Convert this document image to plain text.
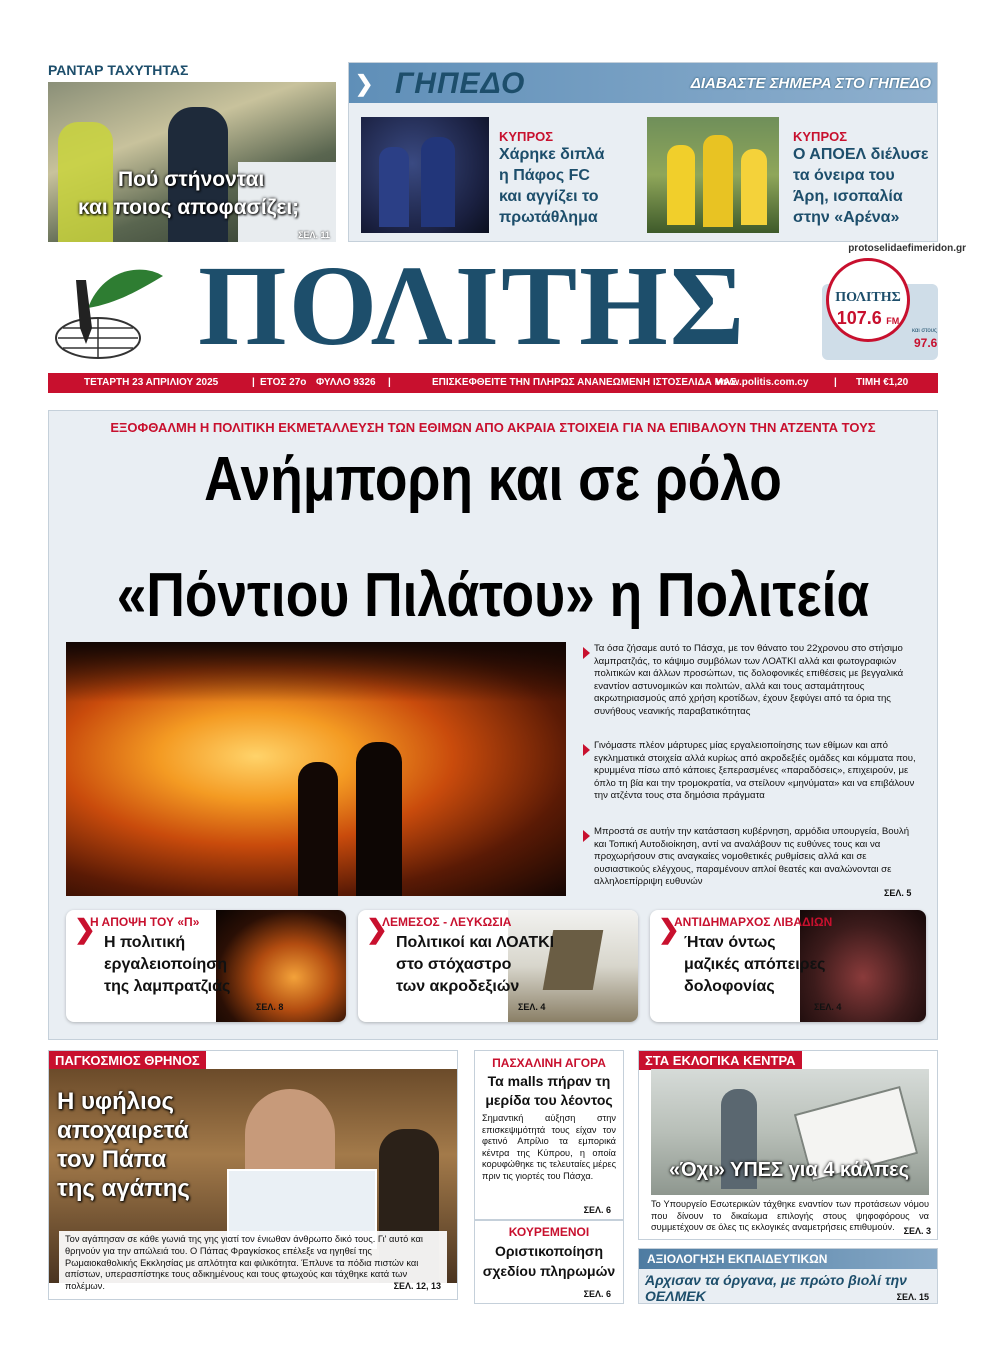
ΡΑΝΤΑΡ ΤΑΧΥΤΗΤΑΣ
Πού στήνονται
και ποιος αποφασίζει;
ΣΕΛ. 11
❯ ΓΗΠΕΔΟ	ΔΙΑΒΑΣΤΕ ΣΗΜΕΡΑ ΣΤΟ ΓΗΠΕΔΟ
ΚΥΠΡΟΣ
Χάρηκε διπλά
η Πάφος FC
και αγγίζει το
πρωτάθλημα
ΚΥΠΡΟΣ
Ο ΑΠΟΕΛ διέλυσε
τα όνειρα του
Άρη, ισοπαλία
στην «Αρένα»
protoselidaefimeridon.gr
ΠΟΛΙΤΗΣ	ΠΟΛΙΤΗΣ
107.6 FM
και στους
97.6
ΤΕΤΑΡΤΗ 23 ΑΠΡΙΛΙΟΥ 2025	| ΕΤΟΣ 27ο ΦΥΛΛΟ 9326 |	ΕΠΙΣΚΕΦΘΕΙΤΕ ΤΗΝ ΠΛΗΡΩΣ ΑΝΑΝΕΩΜΕΝΗ ΙΣΤΟΣΕΛΙΔΑ ΜΑΣ
www.politis.com.cy	| ΤΙΜΗ €1,20
ΕΞΟΦΘΑΛΜΗ Η ΠΟΛΙΤΙΚΗ ΕΚΜΕΤΑΛΛΕΥΣΗ ΤΩΝ ΕΘΙΜΩΝ ΑΠΟ ΑΚΡΑΙΑ ΣΤΟΙΧΕΙΑ ΓΙΑ ΝΑ ΕΠΙΒΑΛΟΥΝ ΤΗΝ ΑΤΖΕΝΤΑ ΤΟΥΣ
Ανήμπορη και σε ρόλο
«Πόντιου Πιλάτου» η Πολιτεία
Τα όσα ζήσαμε αυτό το Πάσχα, με τον θάνατο του 22χρονου στο στήσιμο λαμπρατζιάς, το κάψιμο συμβόλων των ΛΟΑΤΚΙ αλλά και φωτογραφιών πολιτικών και άλλων προσώπων, τις δολοφονικές επιθέσεις με βεγγαλικά εναντίον αστυνομικών και πολιτών, αλλά και τους ασταμάτητους ακρωτηριασμούς από χρήση κροτίδων, έχουν ξεφύγει από τα όρια της συνήθους νεανικής παραβατικότητας
Γινόμαστε πλέον μάρτυρες μίας εργαλειοποίησης των εθίμων και από εγκληματικά στοιχεία αλλά κυρίως από ακροδεξιές ομάδες και κόμματα που, κρυμμένα πίσω από κάποιες ξεπερασμένες «παραδόσεις», επιχειρούν, με όπλο τη βία και την τρομοκρατία, να στείλουν «μηνύματα» και να επιβάλουν την ατζέντα τους στα δημόσια πράγματα
Μπροστά σε αυτήν την κατάσταση κυβέρνηση, αρμόδια υπουργεία, Βουλή και Τοπική Αυτοδιοίκηση, αντί να αναλάβουν τις ευθύνες τους και να προχωρήσουν στις αναγκαίες νομοθετικές ρυθμίσεις αλλά και σε ουσιαστικούς ελέγχους, παραμένουν απλοί θεατές και αναλώνονται σε αλληλοεπίρριψη ευθυνών
ΣΕΛ. 5
❯
Η ΑΠΟΨΗ ΤΟΥ «Π»
Η πολιτική
εργαλειοποίηση
της λαμπρατζιάς
ΣΕΛ. 8
❯
ΛΕΜΕΣΟΣ - ΛΕΥΚΩΣΙΑ
Πολιτικοί και ΛΟΑΤΚΙ
στο στόχαστρο
των ακροδεξιών
ΣΕΛ. 4
❯
ΑΝΤΙΔΗΜΑΡΧΟΣ ΛΙΒΑΔΙΩΝ
Ήταν όντως
μαζικές απόπειρες
δολοφονίας
ΣΕΛ. 4
ΠΑΓΚΟΣΜΙΟΣ ΘΡΗΝΟΣ
Η υφήλιος
αποχαιρετά
τον Πάπα
της αγάπης
Τον αγάπησαν σε κάθε γωνιά της γης γιατί τον ένιωθαν άνθρωπο δικό τους. Γι' αυτό και θρηνούν για την απώλειά του. Ο Πάπας Φραγκίσκος επέλεξε να ηγηθεί της Ρωμαιοκαθολικής Εκκλησίας με απλότητα και φιλικότητα. Έπλυνε τα πόδια πιστών και απίστων, υπερασπίστηκε τους αδικημένους και τους φτωχούς και τάχθηκε κατά των πολέμων.	ΣΕΛ. 12, 13
ΠΑΣΧΑΛΙΝΗ ΑΓΟΡΑ
Τα malls πήραν τη
μερίδα του λέοντος
Σημαντική αύξηση στην επισκεψιμότητά τους είχαν τον φετινό Απρίλιο τα εμπορικά κέντρα της Κύπρου, η οποία κορυφώθηκε τις τελευταίες μέρες πριν τις γιορτές του Πάσχα.
ΣΕΛ. 6
ΚΟΥΡΕΜΕΝΟΙ
Οριστικοποίηση
σχεδίου πληρωμών
ΣΕΛ. 6
ΣΤΑ ΕΚΛΟΓΙΚΑ ΚΕΝΤΡΑ
«Όχι» ΥΠΕΣ για 4 κάλπες
Το Υπουργείο Εσωτερικών τάχθηκε εναντίον των προτάσεων νόμου που δίνουν το δικαίωμα επιλογής στους ψηφοφόρους να συμμετέχουν σε όλες τις εκλογικές αναμετρήσεις επιθυμούν. ΣΕΛ. 3
ΑΞΙΟΛΟΓΗΣΗ ΕΚΠΑΙΔΕΥΤΙΚΩΝ
Άρχισαν τα όργανα, με πρώτο βιολί την ΟΕΛΜΕΚ	ΣΕΛ. 15
